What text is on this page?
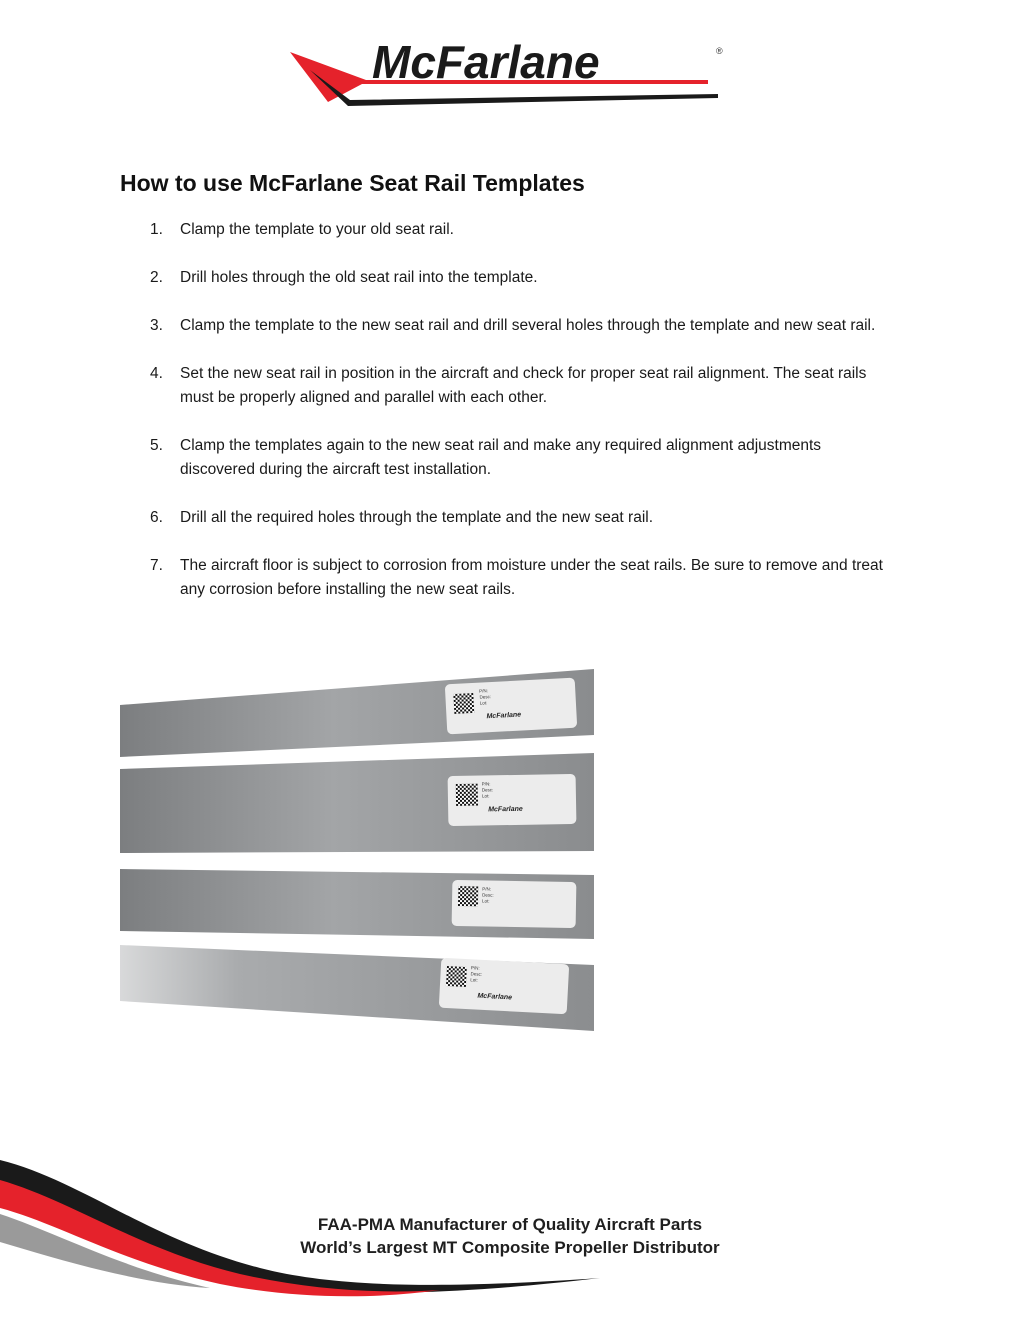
McFarlane	®
How to use McFarlane Seat Rail Templates
1. Clamp the template to your old seat rail.
2. Drill holes through the old seat rail into the template.
3. Clamp the template to the new seat rail and drill several holes through the template and new seat rail.
4. Set the new seat rail in position in the aircraft and check for proper seat rail alignment. The seat rails must be properly aligned and parallel with each other.
5. Clamp the templates again to the new seat rail and make any required alignment adjustments discovered during the aircraft test installation.
6. Drill all the required holes through the template and the new seat rail.
7. The aircraft floor is subject to corrosion from moisture under the seat rails. Be sure to remove and treat any corrosion before installing the new seat rails.
P/N:
Desc:
Lot:
McFarlane
P/N:
Desc:
Lot:
McFarlane
P/N:
Desc:
Lot:
P/N:
Desc:
Lot:
McFarlane
FAA-PMA Manufacturer of Quality Aircraft Parts
World’s Largest MT Composite Propeller Distributor
